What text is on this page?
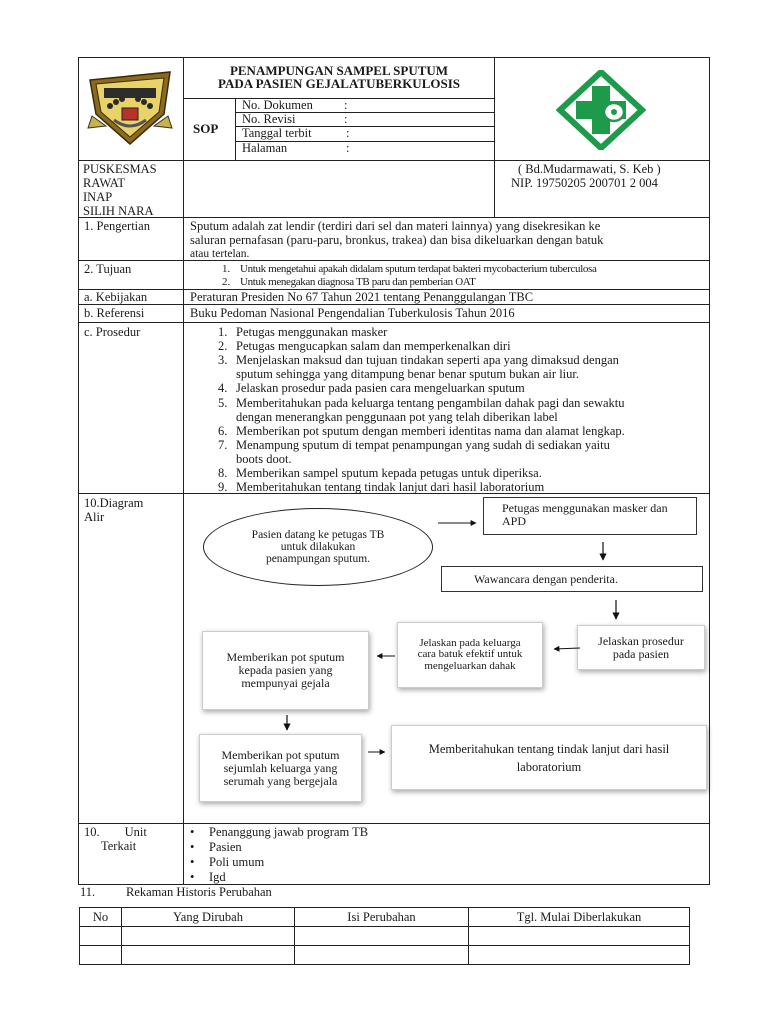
PENAMPUNGAN SAMPEL SPUTUM
PADA PASIEN GEJALATUBERKULOSIS
SOP
No. Dokumen :
No. Revisi	:
Tanggal terbit	:
Halaman	:
PUSKESMAS
RAWAT
INAP
SILIH NARA
( Bd.Mudarmawati, S. Keb )
NIP. 19750205 200701 2 004
1. Pengertian	Sputum adalah zat lendir (terdiri dari sel dan materi lainnya) yang disekresikan ke
saluran pernafasan (paru-paru, bronkus, trakea) dan bisa dikeluarkan dengan batuk
atau tertelan.
2. Tujuan	1. Untuk mengetahui apakah didalam sputum terdapat bakteri mycobacterium tuberculosa
2. Untuk menegakan diagnosa TB paru dan pemberian OAT
a. Kebijakan	Peraturan Presiden No 67 Tahun 2021 tentang Penanggulangan TBC
b. Referensi	Buku Pedoman Nasional Pengendalian Tuberkulosis Tahun 2016
c. Prosedur	1. Petugas menggunakan masker
2. Petugas mengucapkan salam dan memperkenalkan diri
3. Menjelaskan maksud dan tujuan tindakan seperti apa yang dimaksud dengan
sputum sehingga yang ditampung benar benar sputum bukan air liur.
4. Jelaskan prosedur pada pasien cara mengeluarkan sputum
5. Memberitahukan pada keluarga tentang pengambilan dahak pagi dan sewaktu
dengan menerangkan penggunaan pot yang telah diberikan label
6. Memberikan pot sputum dengan memberi identitas nama dan alamat lengkap.
7. Menampung sputum di tempat penampungan yang sudah di sediakan yaitu
boots doot.
8. Memberikan sampel sputum kepada petugas untuk diperiksa.
9. Memberitahukan tentang tindak lanjut dari hasil laboratorium
10.Diagram
Alir
Pasien datang ke petugas TB untuk dilakukan penampungan sputum.
Petugas menggunakan masker dan APD
Wawancara dengan penderita.
Jelaskan prosedur pada pasien
Jelaskan pada keluarga cara batuk efektif untuk mengeluarkan dahak
Memberikan pot sputum kepada pasien yang mempunyai gejala
Memberikan pot sputum sejumlah keluarga yang serumah yang bergejala
Memberitahukan tentang tindak lanjut dari hasil laboratorium
10.        Unit
Terkait
• Penanggung jawab program TB
• Pasien
• Poli umum
• Igd
11. Rekaman Historis Perubahan
No	Yang Dirubah	Isi Perubahan	Tgl. Mulai Diberlakukan
